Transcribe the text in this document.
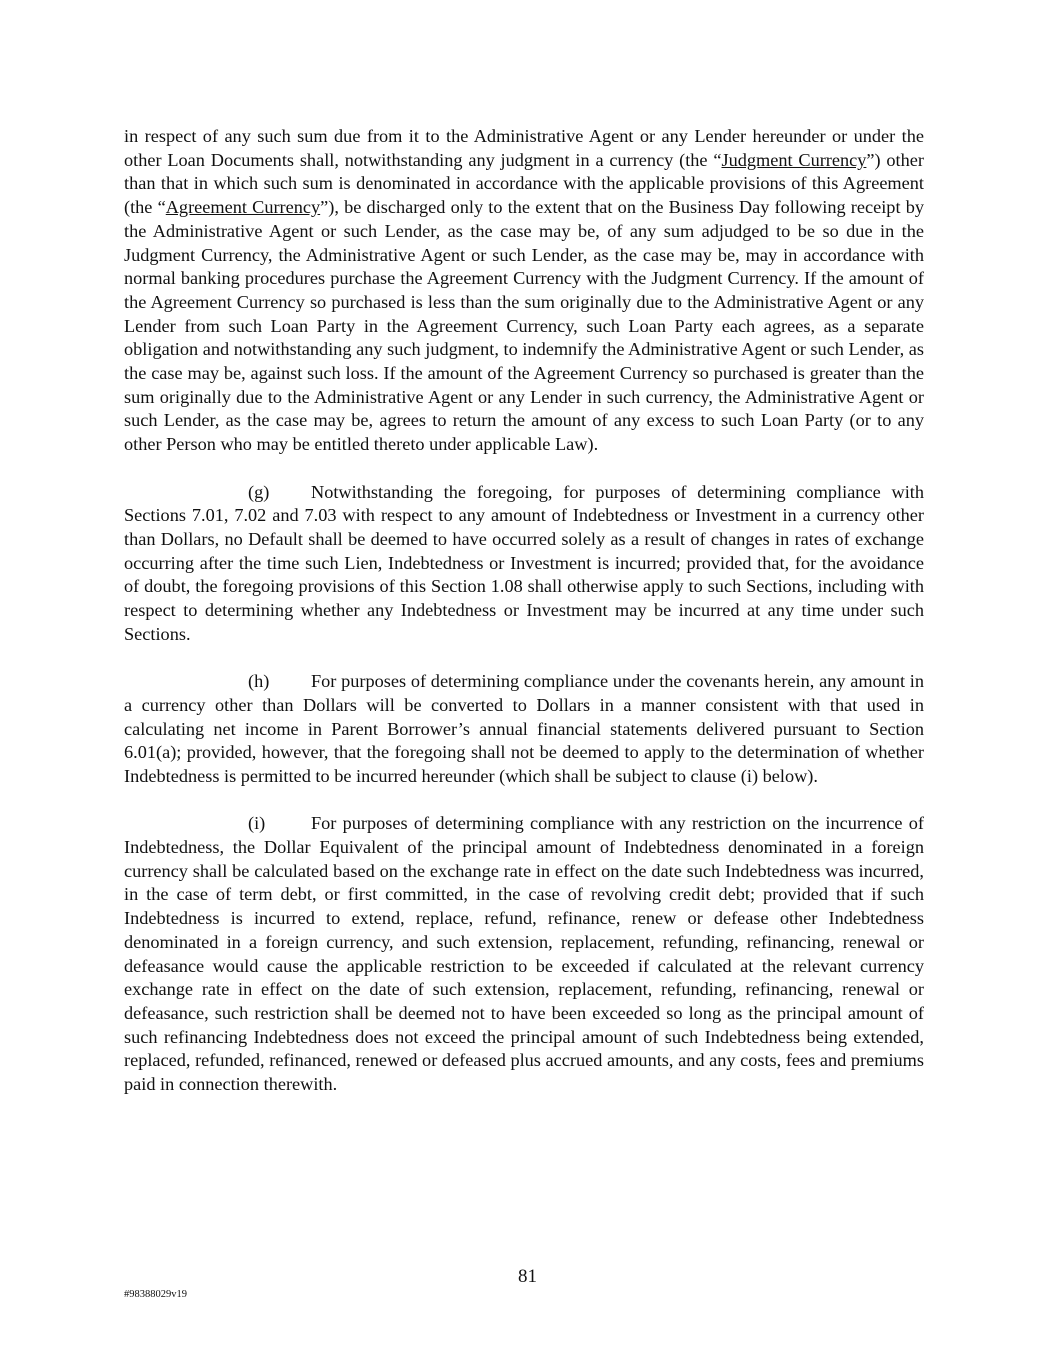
in respect of any such sum due from it to the Administrative Agent or any Lender hereunder or under the other Loan Documents shall, notwithstanding any judgment in a currency (the “Judgment Currency”) other than that in which such sum is denominated in accordance with the applicable provisions of this Agreement (the “Agreement Currency”), be discharged only to the extent that on the Business Day following receipt by the Administrative Agent or such Lender, as the case may be, of any sum adjudged to be so due in the Judgment Currency, the Administrative Agent or such Lender, as the case may be, may in accordance with normal banking procedures purchase the Agreement Currency with the Judgment Currency. If the amount of the Agreement Currency so purchased is less than the sum originally due to the Administrative Agent or any Lender from such Loan Party in the Agreement Currency, such Loan Party each agrees, as a separate obligation and notwithstanding any such judgment, to indemnify the Administrative Agent or such Lender, as the case may be, against such loss. If the amount of the Agreement Currency so purchased is greater than the sum originally due to the Administrative Agent or any Lender in such currency, the Administrative Agent or such Lender, as the case may be, agrees to return the amount of any excess to such Loan Party (or to any other Person who may be entitled thereto under applicable Law).

(g) Notwithstanding the foregoing, for purposes of determining compliance with Sections 7.01, 7.02 and 7.03 with respect to any amount of Indebtedness or Investment in a currency other than Dollars, no Default shall be deemed to have occurred solely as a result of changes in rates of exchange occurring after the time such Lien, Indebtedness or Investment is incurred; provided that, for the avoidance of doubt, the foregoing provisions of this Section 1.08 shall otherwise apply to such Sections, including with respect to determining whether any Indebtedness or Investment may be incurred at any time under such Sections.

(h) For purposes of determining compliance under the covenants herein, any amount in a currency other than Dollars will be converted to Dollars in a manner consistent with that used in calculating net income in Parent Borrower’s annual financial statements delivered pursuant to Section 6.01(a); provided, however, that the foregoing shall not be deemed to apply to the determination of whether Indebtedness is permitted to be incurred hereunder (which shall be subject to clause (i) below).

(i) For purposes of determining compliance with any restriction on the incurrence of Indebtedness, the Dollar Equivalent of the principal amount of Indebtedness denominated in a foreign currency shall be calculated based on the exchange rate in effect on the date such Indebtedness was incurred, in the case of term debt, or first committed, in the case of revolving credit debt; provided that if such Indebtedness is incurred to extend, replace, refund, refinance, renew or defease other Indebtedness denominated in a foreign currency, and such extension, replacement, refunding, refinancing, renewal or defeasance would cause the applicable restriction to be exceeded if calculated at the relevant currency exchange rate in effect on the date of such extension, replacement, refunding, refinancing, renewal or defeasance, such restriction shall be deemed not to have been exceeded so long as the principal amount of such refinancing Indebtedness does not exceed the principal amount of such Indebtedness being extended, replaced, refunded, refinanced, renewed or defeased plus accrued amounts, and any costs, fees and premiums paid in connection therewith.

81
#98388029v19
